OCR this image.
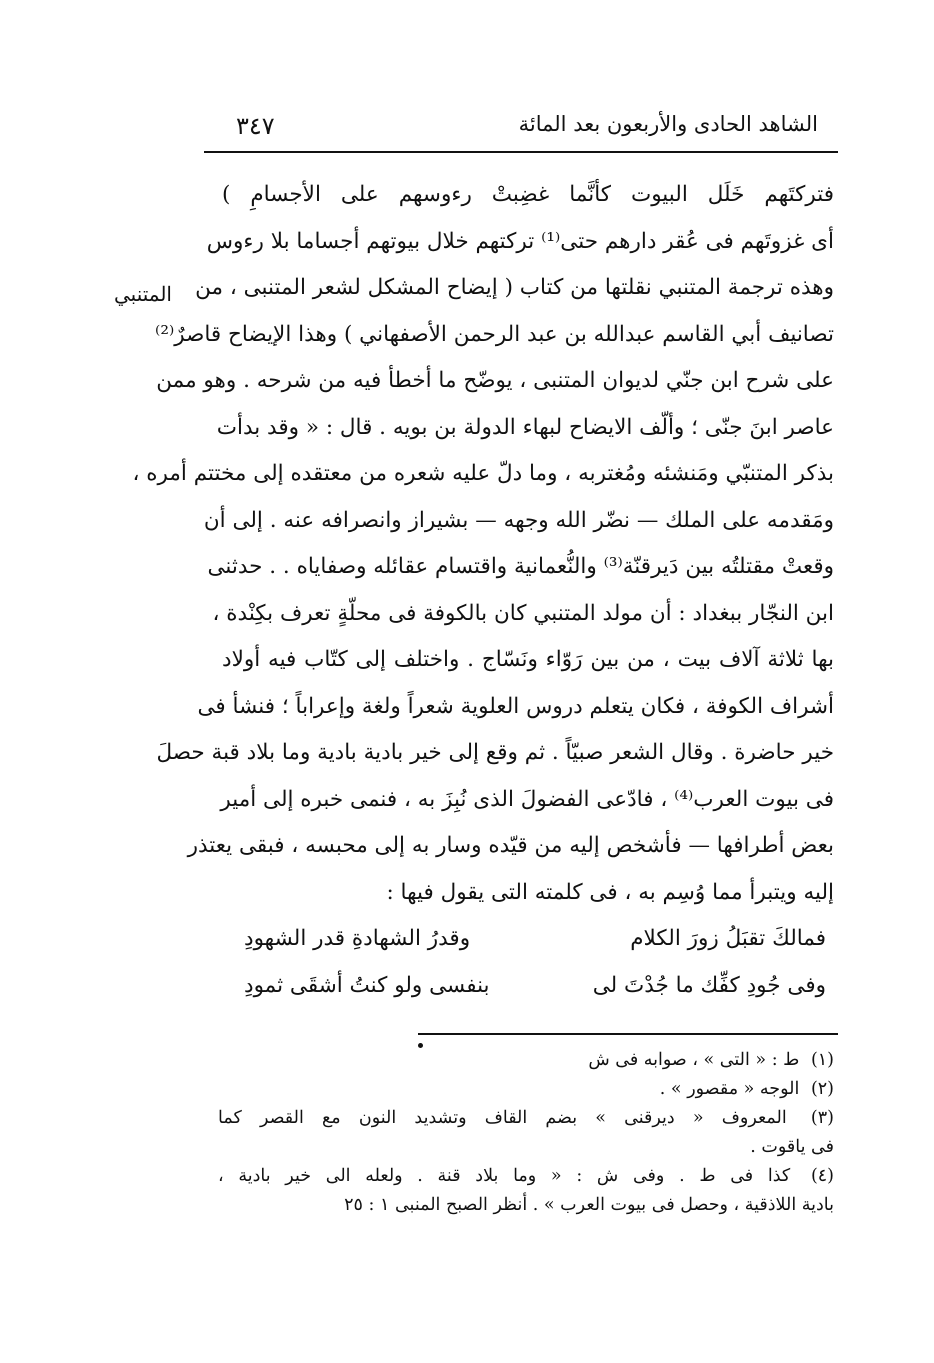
الشاهد الحادى والأربعون بعد المائة
٣٤٧
المتنبي
فتركتَهم خَلَل البيوت كأنَّما غضِبتْ رءوسهم على الأجسامِ )
أى غزوتَهم فى عُقر دارهم حتى⁽¹⁾ تركتهم خلال بيوتهم أجساما بلا رءوس
وهذه ترجمة المتنبي نقلتها من كتاب ( إيضاح المشكل لشعر المتنبى ، من
تصانيف أبي القاسم عبدالله بن عبد الرحمن الأصفهاني ) وهذا الإيضاح قاصرٌ⁽²⁾
على شرح ابن جنّي لديوان المتنبى ، يوضّح ما أخطأ فيه من شرحه . وهو ممن
عاصر ابنَ جنّى ؛ وألّف الايضاح لبهاء الدولة بن بويه . قال : « وقد بدأت
بذكر المتنبّي ومَنشئه ومُغتربه ، وما دلّ عليه شعره من معتقده إلى مختتم أمره ،
ومَقدمه على الملك — نضّر الله وجهه — بشيراز وانصرافه عنه . إلى أن
وقعتْ مقتلتُه بين دَيرقنّة⁽³⁾ والنُّعمانية واقتسام عقائله وصفاياه . . حدثنى
ابن النجّار ببغداد : أن مولد المتنبي كان بالكوفة فى محلّةٍ تعرف بكِنْدة ،
بها ثلاثة آلاف بيت ، من بين رَوّاء ونَسّاج . واختلف إلى كتّاب فيه أولاد
أشراف الكوفة ، فكان يتعلم دروس العلوية شعراً ولغة وإعراباً ؛ فنشأ فى
خير حاضرة . وقال الشعر صبيّاً . ثم وقع إلى خير بادية بادية وما بلاد قبة حصلَ
فى بيوت العرب⁽⁴⁾ ، فادّعى الفضولَ الذى نُبِزَ به ، فنمى خبره إلى أمير
بعض أطرافها — فأشخص إليه من قيّده وسار به إلى محبسه ، فبقى يعتذر
إليه ويتبرأ مما وُسِم به ، فى كلمته التى يقول فيها :
فمالكَ تقبَلُ زورَ الكلام
وقدرُ الشهادةِ قدر الشهودِ
وفى جُودِ كفِّك ما جُدْتَ لى
بنفسى ولو كنتُ أشقَى ثمودِ
(١) ط : « التى » ، صوابه فى ش
(٢) الوجه « مقصور » .
(٣) المعروف « ديرقنى » بضم القاف وتشديد النون مع القصر كما
فى ياقوت .
(٤) كذا فى ط . وفى ش : « وما بلاد قنة . ولعله الى خير بادية ،
بادية اللاذقية ، وحصل فى بيوت العرب » . أنظر الصبح المنبى ١ : ٢٥
